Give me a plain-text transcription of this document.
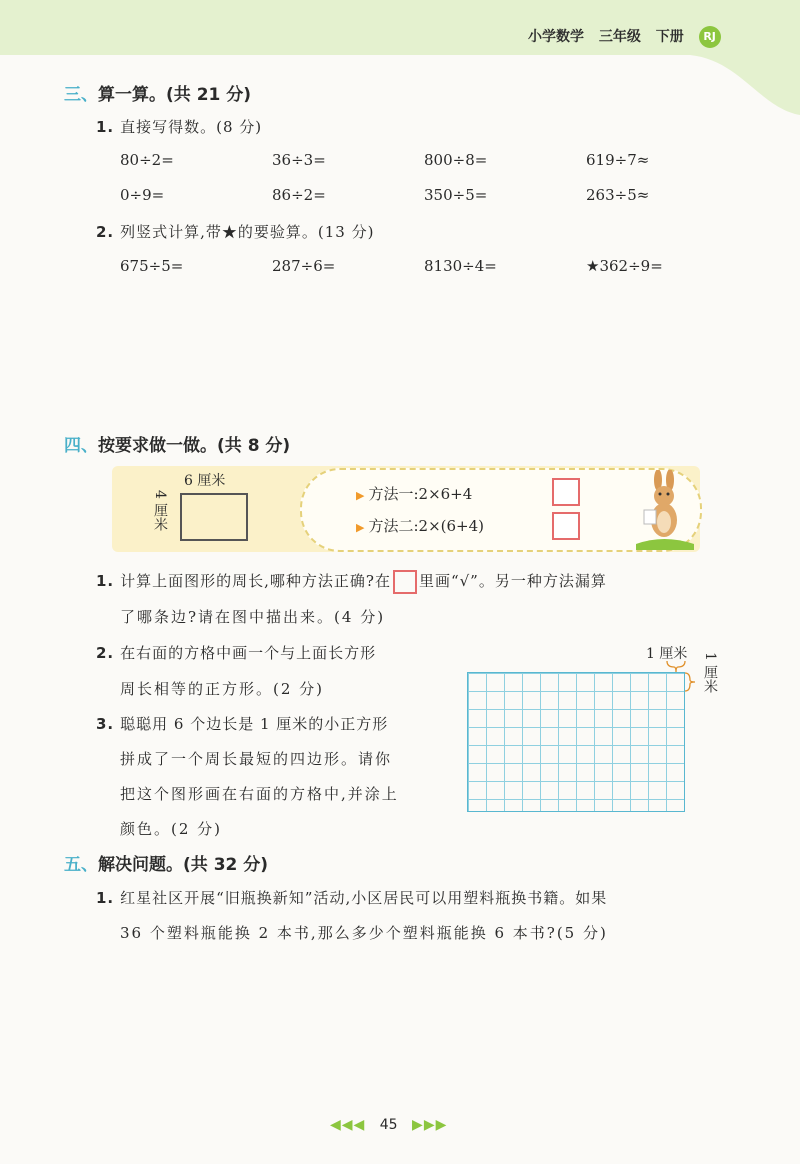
小学数学 三年级 下册 RJ
三、算一算。(共 21 分)
1. 直接写得数。(8 分)
80÷2=	36÷3=	800÷8=	619÷7≈
0÷9=	86÷2=	350÷5=	263÷5≈
2. 列竖式计算,带★的要验算。(13 分)
675÷5=	287÷6=	8130÷4=	★362÷9=
四、按要求做一做。(共 8 分)
6 厘米
4 厘米	▶ 方法一:2×6+4
▶ 方法二:2×(6+4)
1. 计算上面图形的周长,哪种方法正确?在 里画“√”。另一种方法漏算
了哪条边?请在图中描出来。(4 分)
2. 在右面的方格中画一个与上面长方形
周长相等的正方形。(2 分)
3. 聪聪用 6 个边长是 1 厘米的小正方形
拼成了一个周长最短的四边形。请你
把这个图形画在右面的方格中,并涂上
颜色。(2 分)
1 厘米 1 厘米
五、解决问题。(共 32 分)
1. 红星社区开展“旧瓶换新知”活动,小区居民可以用塑料瓶换书籍。如果
36 个塑料瓶能换 2 本书,那么多少个塑料瓶能换 6 本书?(5 分)
◀◀◀ 45 ▶▶▶
